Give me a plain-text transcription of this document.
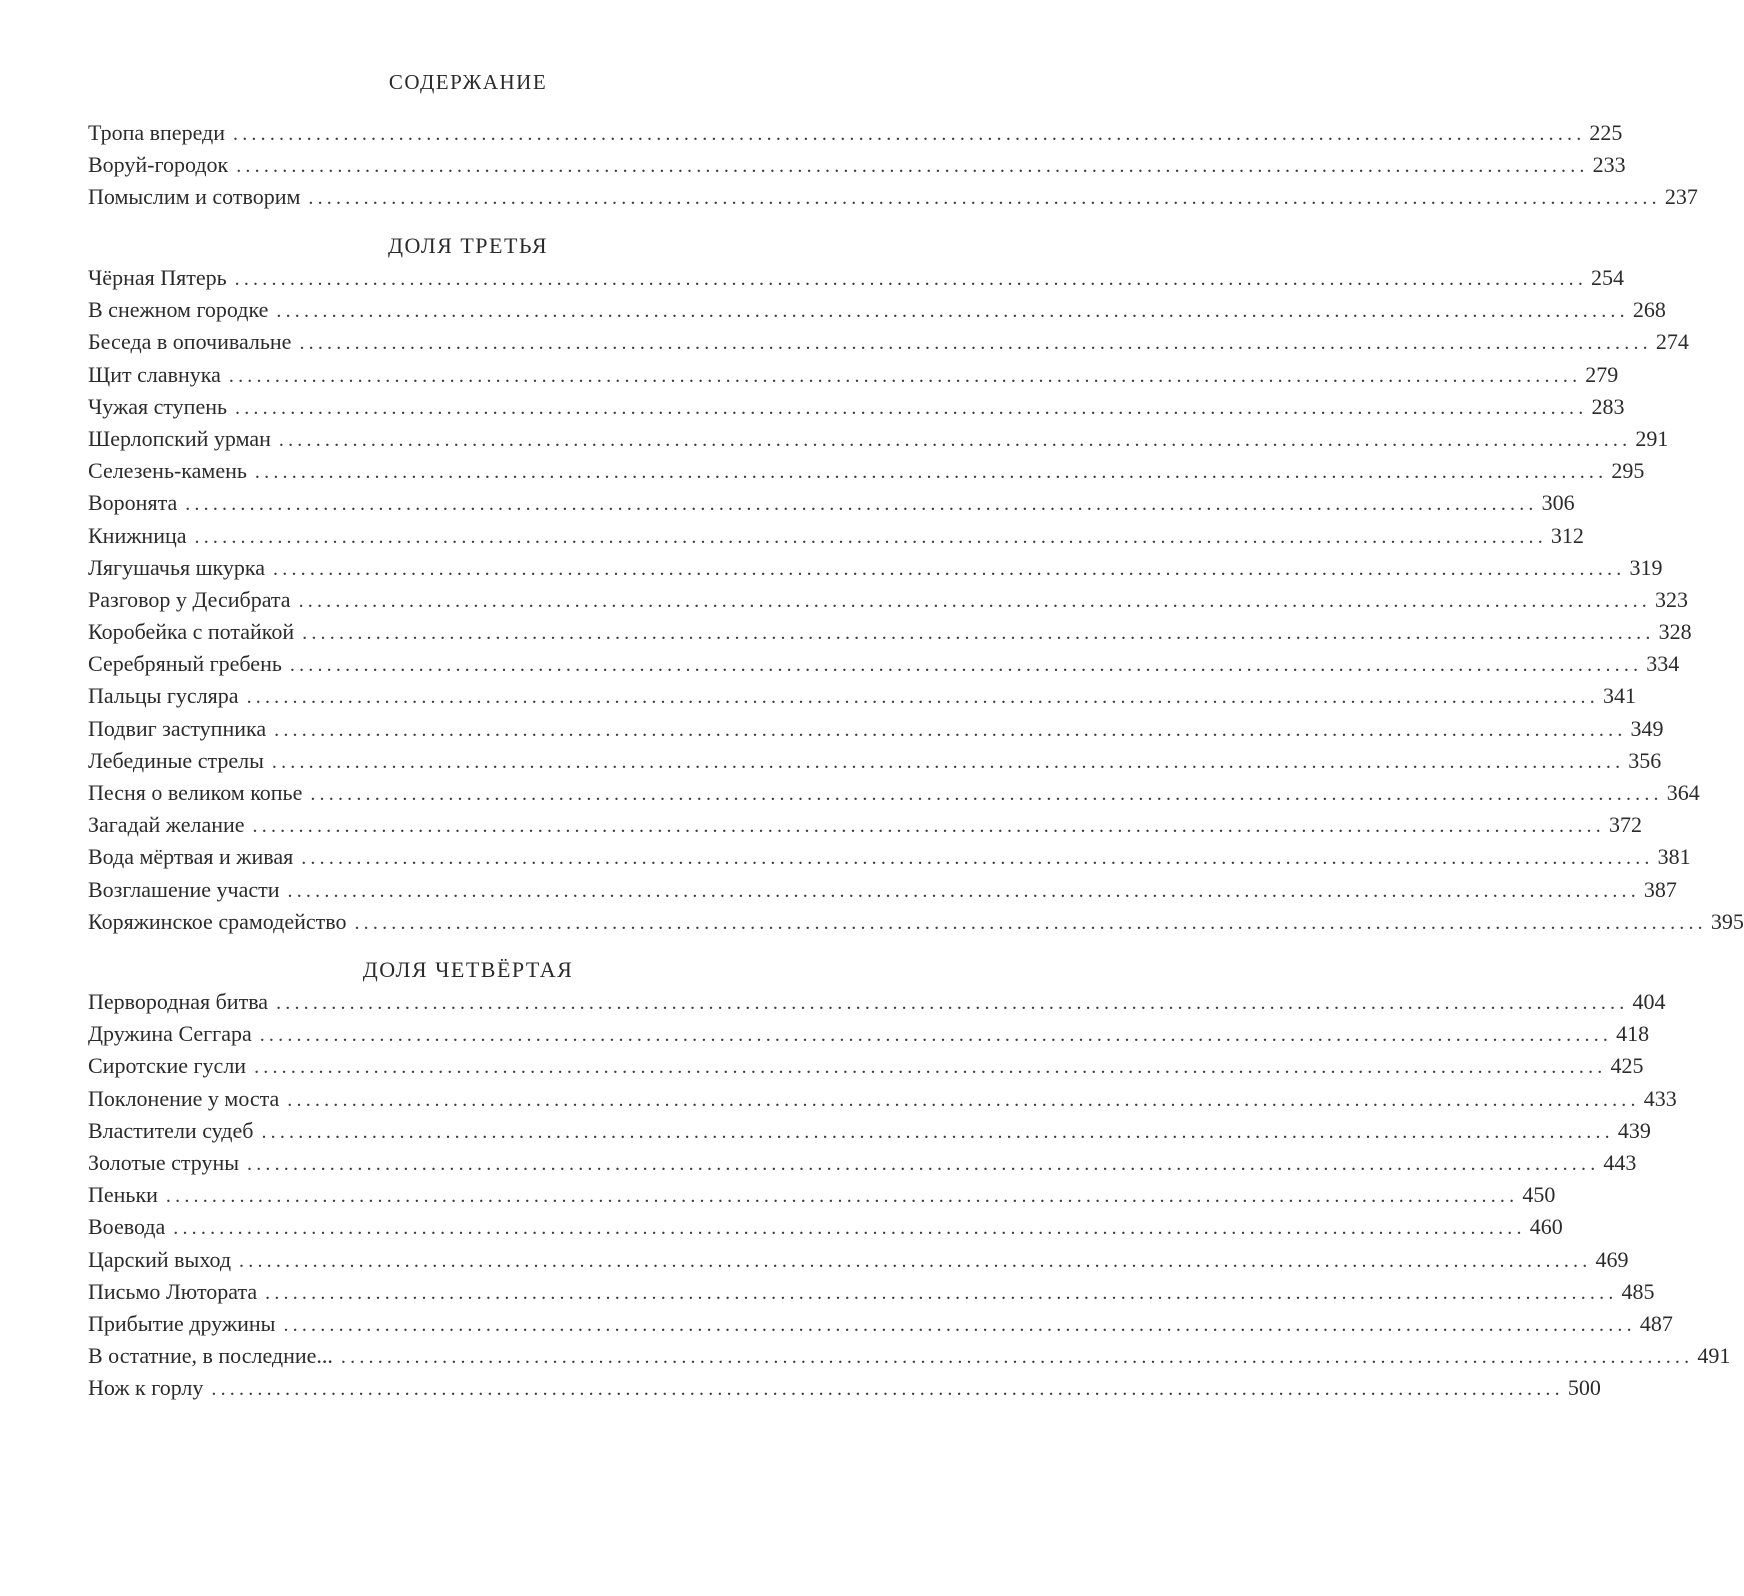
СОДЕРЖАНИЕ
Тропа впереди ................................................................................................................................................... 225
Воруй-городок ................................................................................................................................................... 233
Помыслим и сотворим ................................................................................................................................................... 237
ДОЛЯ ТРЕТЬЯ
Чёрная Пятерь ................................................................................................................................................... 254
В снежном городке ................................................................................................................................................... 268
Беседа в опочивальне ................................................................................................................................................... 274
Щит славнука ................................................................................................................................................... 279
Чужая ступень ................................................................................................................................................... 283
Шерлопский урман ................................................................................................................................................... 291
Селезень-камень ................................................................................................................................................... 295
Воронята ................................................................................................................................................... 306
Книжница ................................................................................................................................................... 312
Лягушачья шкурка ................................................................................................................................................... 319
Разговор у Десибрата ................................................................................................................................................... 323
Коробейка с потайкой ................................................................................................................................................... 328
Серебряный гребень ................................................................................................................................................... 334
Пальцы гусляра ................................................................................................................................................... 341
Подвиг заступника ................................................................................................................................................... 349
Лебединые стрелы ................................................................................................................................................... 356
Песня о великом копье ................................................................................................................................................... 364
Загадай желание ................................................................................................................................................... 372
Вода мёртвая и живая ................................................................................................................................................... 381
Возглашение участи ................................................................................................................................................... 387
Коряжинское срамодейство ................................................................................................................................................... 395
ДОЛЯ ЧЕТВЁРТАЯ
Первородная битва ................................................................................................................................................... 404
Дружина Сеггара ................................................................................................................................................... 418
Сиротские гусли ................................................................................................................................................... 425
Поклонение у моста ................................................................................................................................................... 433
Властители судеб ................................................................................................................................................... 439
Золотые струны ................................................................................................................................................... 443
Пеньки ................................................................................................................................................... 450
Воевода ................................................................................................................................................... 460
Царский выход ................................................................................................................................................... 469
Письмо Лютората ................................................................................................................................................... 485
Прибытие дружины ................................................................................................................................................... 487
В остатние, в последние... ................................................................................................................................................... 491
Нож к горлу ................................................................................................................................................... 500
